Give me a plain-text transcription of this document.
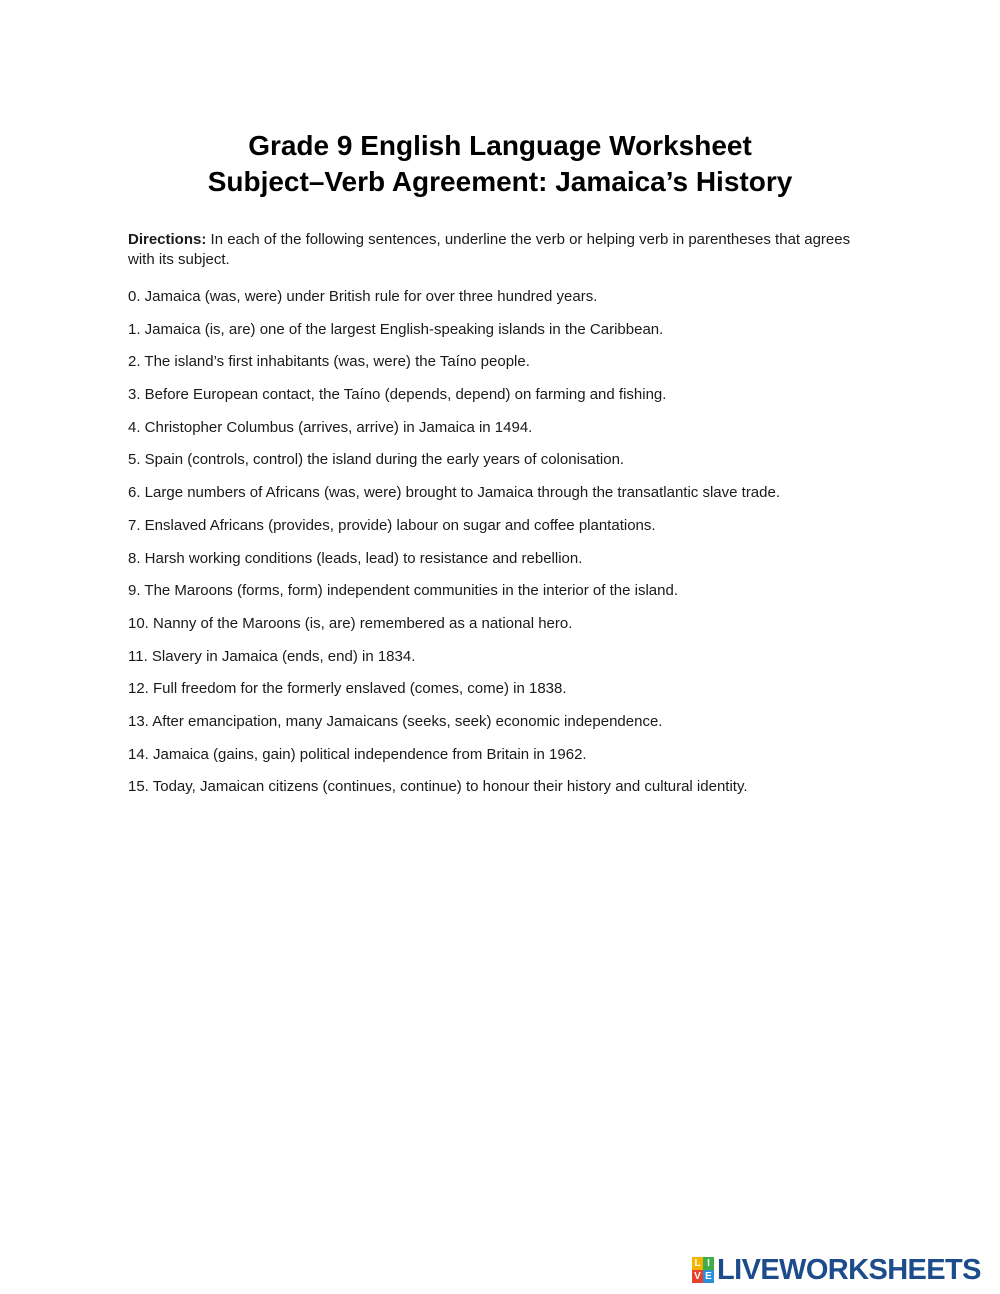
Grade 9 English Language Worksheet
Subject–Verb Agreement: Jamaica’s History
Directions: In each of the following sentences, underline the verb or helping verb in parentheses that agrees with its subject.
0. Jamaica (was, were) under British rule for over three hundred years.
1. Jamaica (is, are) one of the largest English-speaking islands in the Caribbean.
2. The island’s first inhabitants (was, were) the Taíno people.
3. Before European contact, the Taíno (depends, depend) on farming and fishing.
4. Christopher Columbus (arrives, arrive) in Jamaica in 1494.
5. Spain (controls, control) the island during the early years of colonisation.
6. Large numbers of Africans (was, were) brought to Jamaica through the transatlantic slave trade.
7. Enslaved Africans (provides, provide) labour on sugar and coffee plantations.
8. Harsh working conditions (leads, lead) to resistance and rebellion.
9. The Maroons (forms, form) independent communities in the interior of the island.
10. Nanny of the Maroons (is, are) remembered as a national hero.
11. Slavery in Jamaica (ends, end) in 1834.
12. Full freedom for the formerly enslaved (comes, come) in 1838.
13. After emancipation, many Jamaicans (seeks, seek) economic independence.
14. Jamaica (gains, gain) political independence from Britain in 1962.
15. Today, Jamaican citizens (continues, continue) to honour their history and cultural identity.
L I
V E LIVEWORKSHEETS
